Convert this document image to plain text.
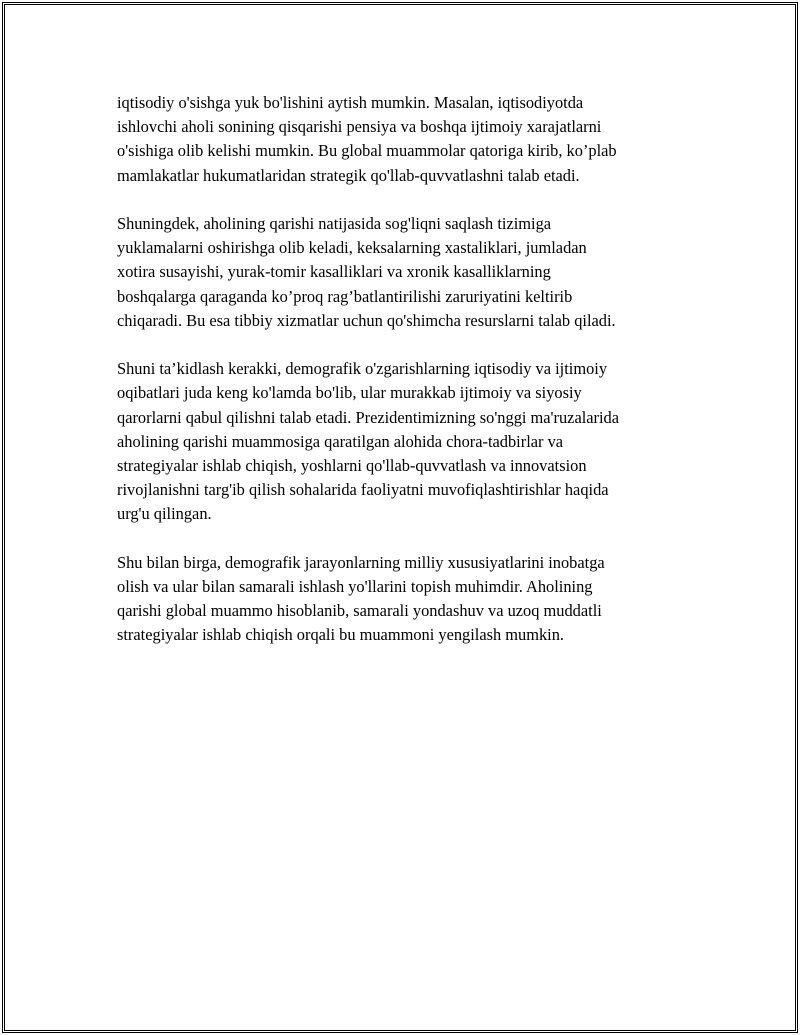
iqtisodiy o'sishga yuk bo'lishini aytish mumkin. Masalan, iqtisodiyotda
ishlovchi aholi sonining qisqarishi pensiya va boshqa ijtimoiy xarajatlarni
o'sishiga olib kelishi mumkin. Bu global muammolar qatoriga kirib, ko’plab
mamlakatlar hukumatlaridan strategik qo'llab-quvvatlashni talab etadi.
Shuningdek, aholining qarishi natijasida sog'liqni saqlash tizimiga
yuklamalarni oshirishga olib keladi, keksalarning xastaliklari, jumladan
xotira susayishi, yurak-tomir kasalliklari va xronik kasalliklarning
boshqalarga qaraganda ko’proq rag’batlantirilishi zaruriyatini keltirib
chiqaradi. Bu esa tibbiy xizmatlar uchun qo'shimcha resurslarni talab qiladi.
Shuni ta’kidlash kerakki, demografik o'zgarishlarning iqtisodiy va ijtimoiy
oqibatlari juda keng ko'lamda bo'lib, ular murakkab ijtimoiy va siyosiy
qarorlarni qabul qilishni talab etadi. Prezidentimizning so'nggi ma'ruzalarida
aholining qarishi muammosiga qaratilgan alohida chora-tadbirlar va
strategiyalar ishlab chiqish, yoshlarni qo'llab-quvvatlash va innovatsion
rivojlanishni targ'ib qilish sohalarida faoliyatni muvofiqlashtirishlar haqida
urg'u qilingan.
Shu bilan birga, demografik jarayonlarning milliy xususiyatlarini inobatga
olish va ular bilan samarali ishlash yo'llarini topish muhimdir. Aholining
qarishi global muammo hisoblanib, samarali yondashuv va uzoq muddatli
strategiyalar ishlab chiqish orqali bu muammoni yengilash mumkin.
